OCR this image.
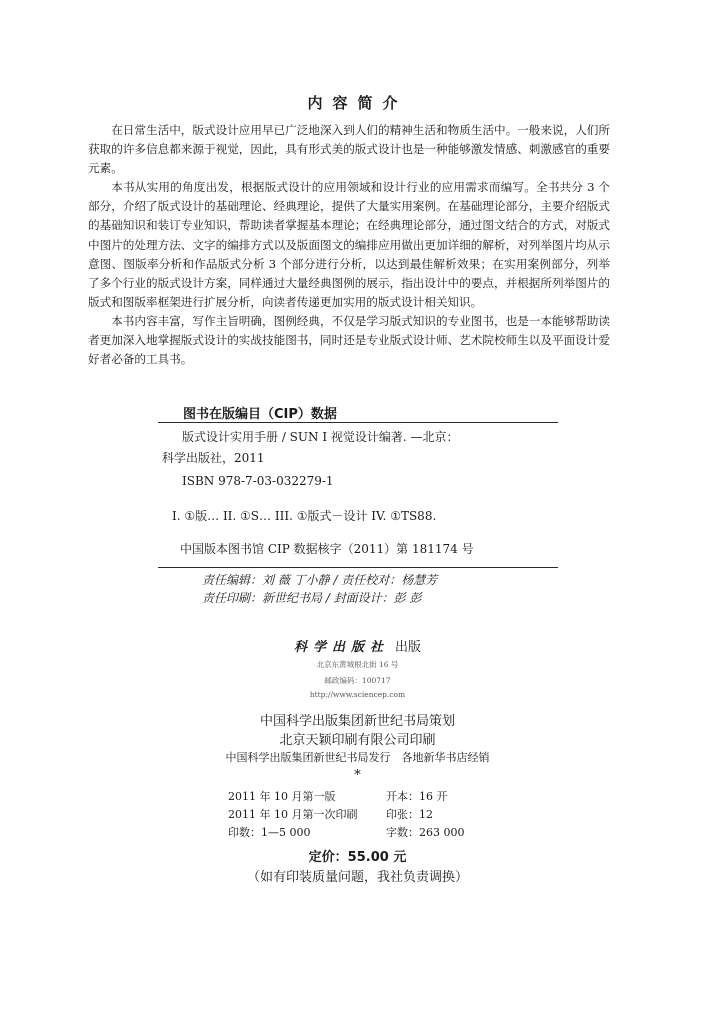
内容简介

在日常生活中，版式设计应用早已广泛地深入到人们的精神生活和物质生活中。一般来说，人们所获取的许多信息都来源于视觉，因此，具有形式美的版式设计也是一种能够激发情感、刺激感官的重要元素。

本书从实用的角度出发，根据版式设计的应用领域和设计行业的应用需求而编写。全书共分 3 个部分，介绍了版式设计的基础理论、经典理论，提供了大量实用案例。在基础理论部分，主要介绍版式的基础知识和装订专业知识，帮助读者掌握基本理论；在经典理论部分，通过图文结合的方式，对版式中图片的处理方法、文字的编排方式以及版面图文的编排应用做出更加详细的解析，对列举图片均从示意图、图版率分析和作品版式分析 3 个部分进行分析，以达到最佳解析效果；在实用案例部分，列举了多个行业的版式设计方案，同样通过大量经典图例的展示，指出设计中的要点，并根据所列举图片的版式和图版率框架进行扩展分析，向读者传递更加实用的版式设计相关知识。

本书内容丰富，写作主旨明确，图例经典，不仅是学习版式知识的专业图书，也是一本能够帮助读者更加深入地掌握版式设计的实战技能图书，同时还是专业版式设计师、艺术院校师生以及平面设计爱好者必备的工具书。

图书在版编目（CIP）数据
版式设计实用手册 / SUN I 视觉设计编著. —北京：
科学出版社，2011
ISBN 978-7-03-032279-1
I. ①版… II. ①S… III. ①版式－设计 IV. ①TS88.
中国版本图书馆 CIP 数据核字（2011）第 181174 号
责任编辑：刘 薇 丁小静 / 责任校对：杨慧芳
责任印刷：新世纪书局 / 封面设计：彭 彭
科学出版社 出版
北京东黄城根北街 16 号
邮政编码：100717
http://www.sciencep.com
中国科学出版集团新世纪书局策划
北京天颖印刷有限公司印刷
中国科学出版集团新世纪书局发行　各地新华书店经销
*
2011 年 10 月第一版	开本：16 开
2011 年 10 月第一次印刷	印张：12
印数：1—5 000	字数：263 000
定价：55.00 元
（如有印装质量问题，我社负责调换）
